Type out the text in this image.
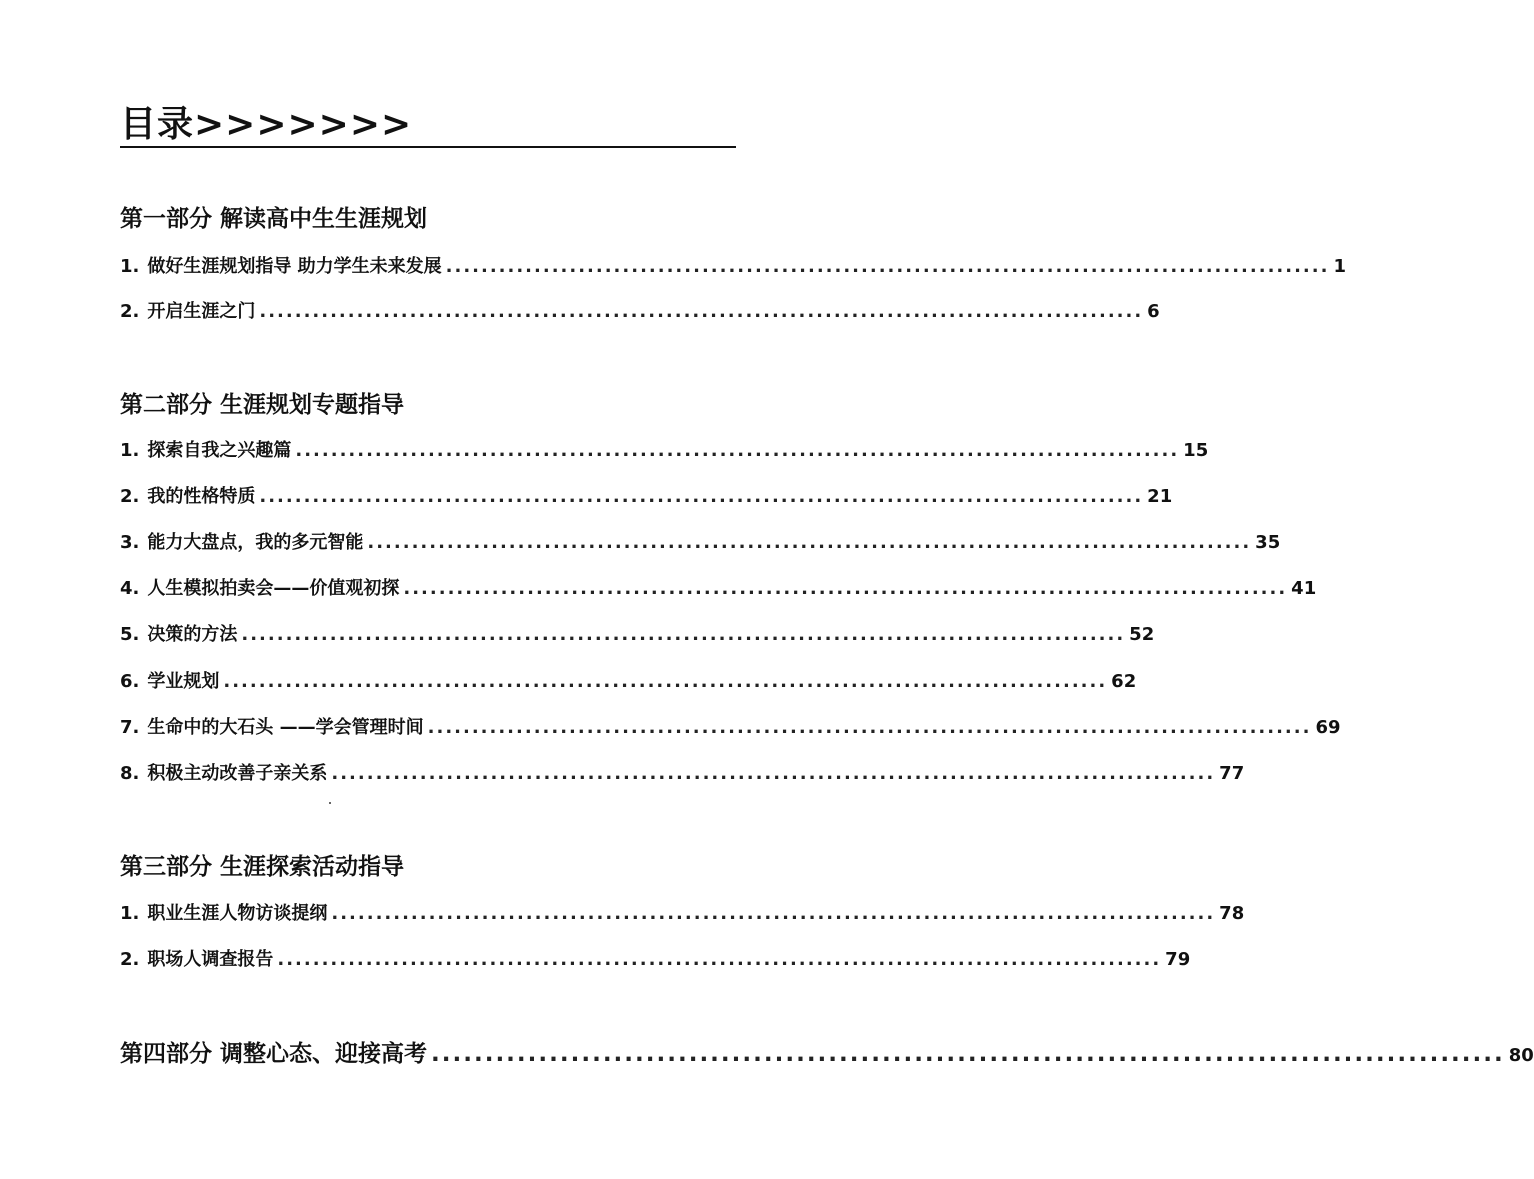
目录>>>>>>>
第一部分 解读高中生生涯规划
1. 做好生涯规划指导 助力学生未来发展 .................................................................................................... 1
2. 开启生涯之门 .................................................................................................... 6
第二部分 生涯规划专题指导
1. 探索自我之兴趣篇 .................................................................................................... 15
2. 我的性格特质 .................................................................................................... 21
3. 能力大盘点，我的多元智能 .................................................................................................... 35
4. 人生模拟拍卖会——价值观初探 .................................................................................................... 41
5. 决策的方法 .................................................................................................... 52
6. 学业规划 .................................................................................................... 62
7. 生命中的大石头 ——学会管理时间 .................................................................................................... 69
8. 积极主动改善子亲关系 .................................................................................................... 77
第三部分 生涯探索活动指导
1. 职业生涯人物访谈提纲 .................................................................................................... 78
2. 职场人调查报告 .................................................................................................... 79
第四部分 调整心态、迎接高考 .................................................................................................... 80
